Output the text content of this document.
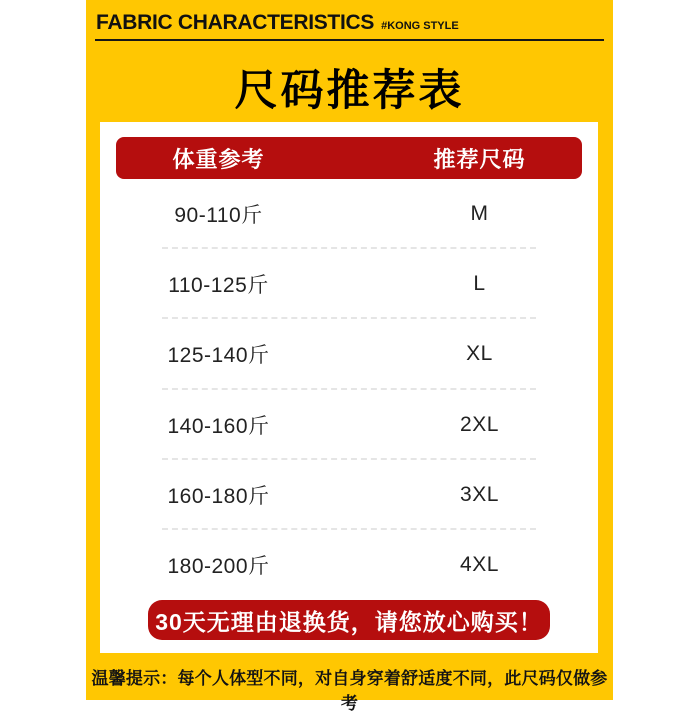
FABRIC CHARACTERISTICS #KONG STYLE
尺码推荐表
体重参考	推荐尺码
90-110斤	M
110-125斤	L
125-140斤	XL
140-160斤	2XL
160-180斤	3XL
180-200斤	4XL
30天无理由退换货，请您放心购买！
温馨提示：每个人体型不同，对自身穿着舒适度不同，此尺码仅做参考
